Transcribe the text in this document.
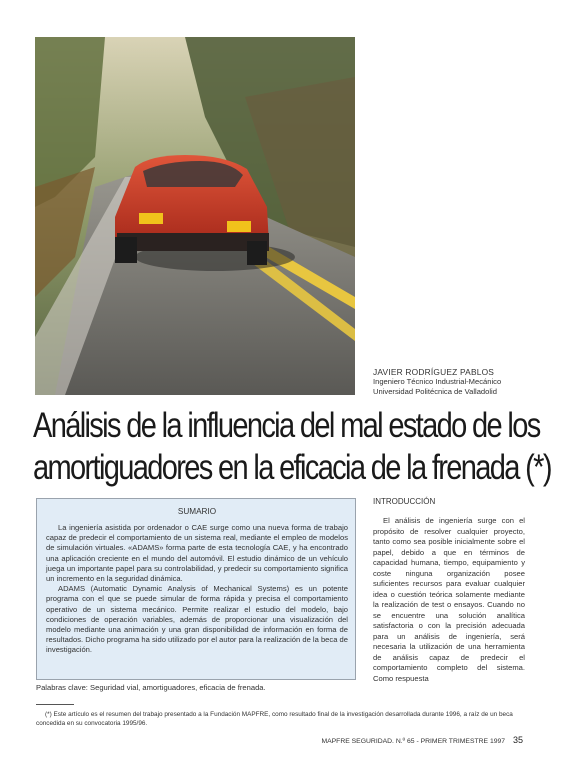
JAVIER RODRÍGUEZ PABLOS
Ingeniero Técnico Industrial-Mecánico
Universidad Politécnica de Valladolid
Análisis de la influencia del mal estado de los
amortiguadores en la eficacia de la frenada (*)
SUMARIO

La ingeniería asistida por ordenador o CAE surge como una nueva forma de trabajo capaz de predecir el comportamiento de un sistema real, mediante el empleo de modelos de simulación virtuales. «ADAMS» forma parte de esta tecnología CAE, y ha encontrado una aplicación creciente en el mundo del automóvil. El estudio dinámico de un vehículo juega un importante papel para su controlabilidad, y predecir su comportamiento significa un incremento en la seguridad dinámica.

ADAMS (Automatic Dynamic Analysis of Mechanical Systems) es un potente programa con el que se puede simular de forma rápida y precisa el comportamiento operativo de un sistema mecánico. Permite realizar el estudio del modelo, bajo condiciones de operación variables, además de proporcionar una visualización del modelo mediante una animación y una gran disponibilidad de información en forma de resultados. Dicho programa ha sido utilizado por el autor para la realización de la beca de investigación.

Palabras clave: Seguridad vial, amortiguadores, eficacia de frenada.
INTRODUCCIÓN

El análisis de ingeniería surge con el propósito de resolver cualquier proyecto, tanto como sea posible inicialmente sobre el papel, debido a que en términos de capacidad humana, tiempo, equipamiento y coste ninguna organización posee suficientes recursos para evaluar cualquier idea o cuestión teórica solamente mediante la realización de test o ensayos. Cuando no se encuentre una solución analítica satisfactoria o con la precisión adecuada para un análisis de ingeniería, será necesaria la utilización de una herramienta de análisis capaz de predecir el comportamiento completo del sistema. Como respuesta

(*) Este artículo es el resumen del trabajo presentado a la Fundación MAPFRE, como resultado final de la investigación desarrollada durante 1996, a raíz de un beca concedida en su convocatoria 1995/96.

MAPFRE SEGURIDAD. N.º 65 - PRIMER TRIMESTRE 1997 35
